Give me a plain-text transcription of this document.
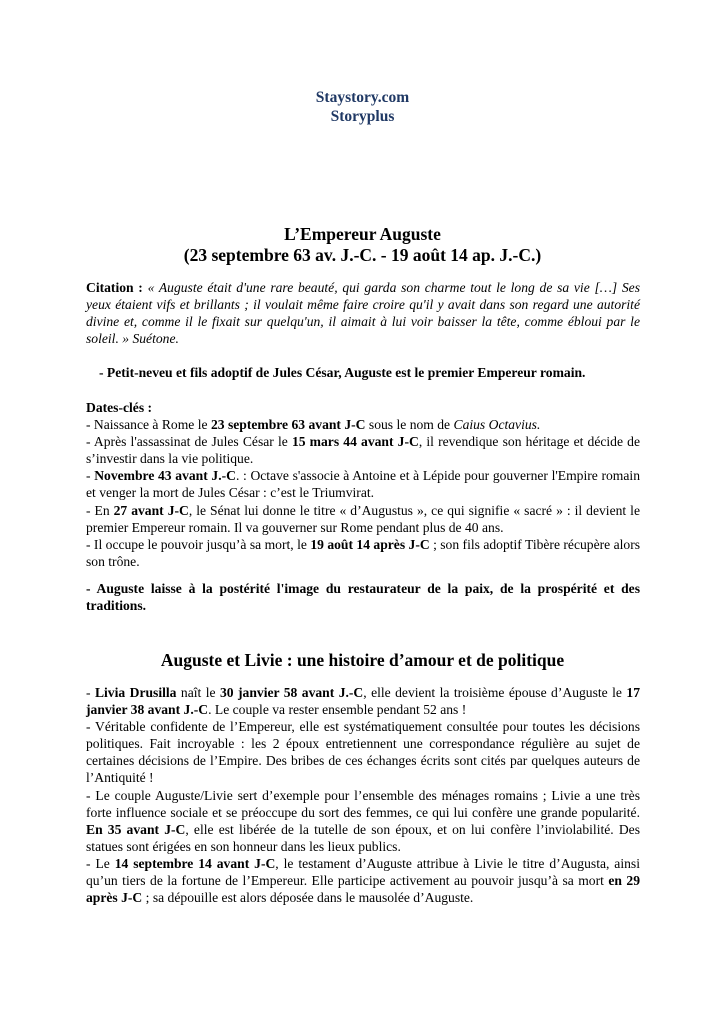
Staystory.com
Storyplus
L’Empereur Auguste
(23 septembre 63 av. J.-C. - 19 août 14 ap. J.-C.)
Citation : « Auguste était d'une rare beauté, qui garda son charme tout le long de sa vie […] Ses yeux étaient vifs et brillants ; il voulait même faire croire qu'il y avait dans son regard une autorité divine et, comme il le fixait sur quelqu'un, il aimait à lui voir baisser la tête, comme ébloui par le soleil. » Suétone.
- Petit-neveu et fils adoptif de Jules César, Auguste est le premier Empereur romain.

Dates-clés :

- Naissance à Rome le 23 septembre 63 avant J-C sous le nom de Caius Octavius.

- Après l'assassinat de Jules César le 15 mars 44 avant J-C, il revendique son héritage et décide de s’investir dans la vie politique.

- Novembre 43 avant J.-C. : Octave s'associe à Antoine et à Lépide pour gouverner l'Empire romain et venger la mort de Jules César : c’est le Triumvirat.

- En 27 avant J-C, le Sénat lui donne le titre « d’Augustus », ce qui signifie « sacré » : il devient le premier Empereur romain. Il va gouverner sur Rome pendant plus de 40 ans.

- Il occupe le pouvoir jusqu’à sa mort, le 19 août 14 après J-C ; son fils adoptif Tibère récupère alors son trône.

- Auguste laisse à la postérité l'image du restaurateur de la paix, de la prospérité et des traditions.
Auguste et Livie : une histoire d’amour et de politique

- Livia Drusilla naît le 30 janvier 58 avant J.-C, elle devient la troisième épouse d’Auguste le 17 janvier 38 avant J.-C. Le couple va rester ensemble pendant 52 ans !

- Véritable confidente de l’Empereur, elle est systématiquement consultée pour toutes les décisions politiques. Fait incroyable : les 2 époux entretiennent une correspondance régulière au sujet de certaines décisions de l’Empire. Des bribes de ces échanges écrits sont cités par quelques auteurs de l’Antiquité !

- Le couple Auguste/Livie sert d’exemple pour l’ensemble des ménages romains ; Livie a une très forte influence sociale et se préoccupe du sort des femmes, ce qui lui confère une grande popularité. En 35 avant J-C, elle est libérée de la tutelle de son époux, et on lui confère l’inviolabilité. Des statues sont érigées en son honneur dans les lieux publics.

- Le 14 septembre 14 avant J-C, le testament d’Auguste attribue à Livie le titre d’Augusta, ainsi qu’un tiers de la fortune de l’Empereur. Elle participe activement au pouvoir jusqu’à sa mort en 29 après J-C ; sa dépouille est alors déposée dans le mausolée d’Auguste.
